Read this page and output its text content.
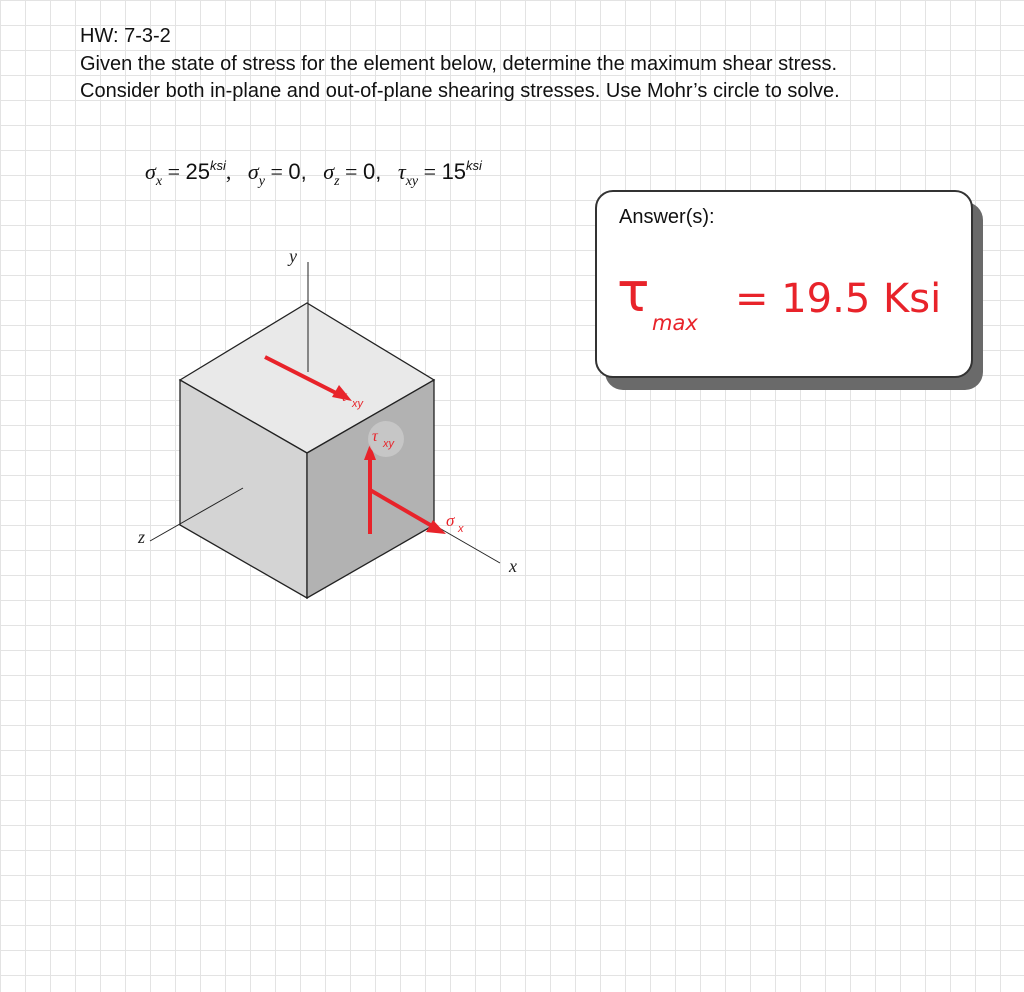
HW: 7-3-2

Given the state of stress for the element below, determine the maximum shear stress. Consider both in-plane and out-of-plane shearing stresses. Use Mohr’s circle to solve.

$\sigma_x = 25^{ksi}$,   $\sigma_y = 0$, $\sigma_z = 0$, $\tau_{xy} = 15^{ksi}$
y
z
x
τ xy
τ xy
σ x
Answer(s):
τ max
= 19.5 Ksi
